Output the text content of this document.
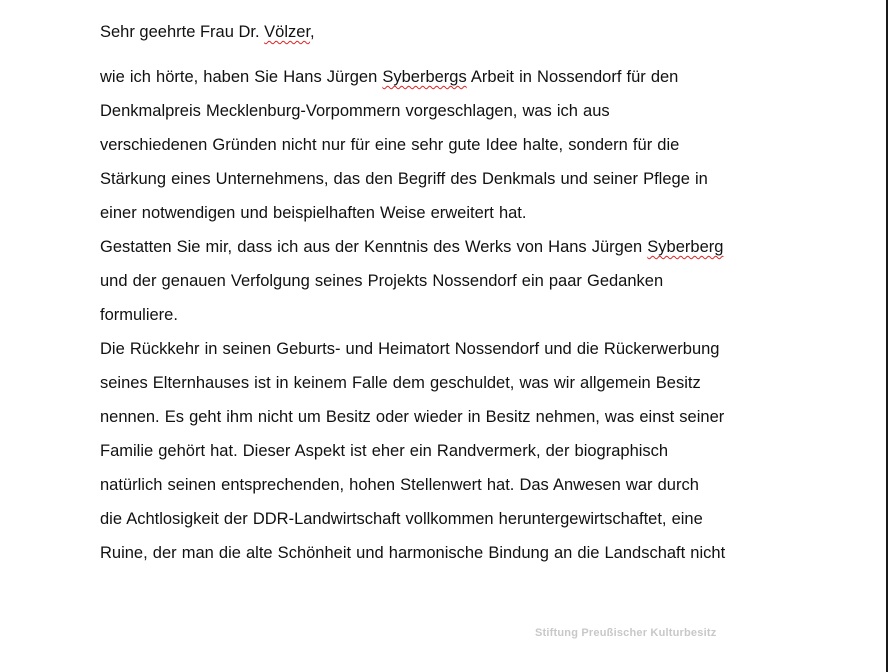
Sehr geehrte Frau Dr. Völzer,
wie ich hörte, haben Sie Hans Jürgen Syberbergs Arbeit in Nossendorf für den
Denkmalpreis Mecklenburg-Vorpommern vorgeschlagen, was ich aus
verschiedenen Gründen nicht nur für eine sehr gute Idee halte, sondern für die
Stärkung eines Unternehmens, das den Begriff des Denkmals und seiner Pflege in
einer notwendigen und beispielhaften Weise erweitert hat.
Gestatten Sie mir, dass ich aus der Kenntnis des Werks von Hans Jürgen Syberberg
und der genauen Verfolgung seines Projekts Nossendorf ein paar Gedanken
formuliere.
Die Rückkehr in seinen Geburts- und Heimatort Nossendorf und die Rückerwerbung
seines Elternhauses ist in keinem Falle dem geschuldet, was wir allgemein Besitz
nennen. Es geht ihm nicht um Besitz oder wieder in Besitz nehmen, was einst seiner
Familie gehört hat. Dieser Aspekt ist eher ein Randvermerk, der biographisch
natürlich seinen entsprechenden, hohen Stellenwert hat. Das Anwesen war durch
die Achtlosigkeit der DDR-Landwirtschaft vollkommen heruntergewirtschaftet, eine
Ruine, der man die alte Schönheit und harmonische Bindung an die Landschaft nicht
Stiftung Preußischer Kulturbesitz
